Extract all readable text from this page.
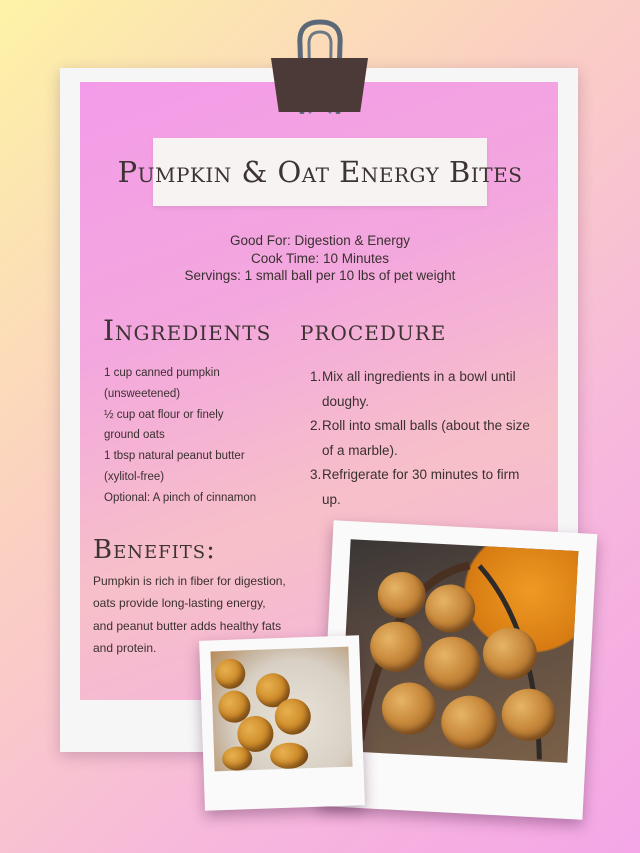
Pumpkin & Oat Energy Bites
Good For: Digestion & Energy
Cook Time: 10 Minutes
Servings: 1 small ball per 10 lbs of pet weight
Ingredients procedure
1 cup canned pumpkin
(unsweetened)
½ cup oat flour or finely
ground oats
1 tbsp natural peanut butter
(xylitol-free)
Optional: A pinch of cinnamon
1. Mix all ingredients in a bowl until
doughy.
2. Roll into small balls (about the size
of a marble).
3. Refrigerate for 30 minutes to firm
up.
Benefits:
Pumpkin is rich in fiber for digestion,
oats provide long-lasting energy,
and peanut butter adds healthy fats
and protein.
